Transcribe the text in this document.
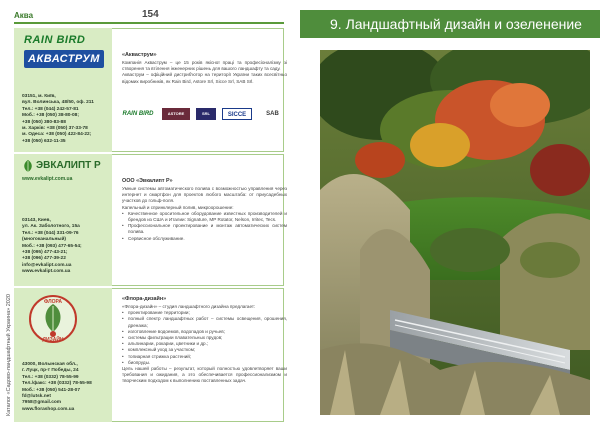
Аква	154
Каталог «Садово-ландшафтный Украина» 2020
RAIN BIRD
АКВАСТРУМ
03151, м. Київ,
вул. Волинська, 48/50, оф. 211
Тел.: +38 (044) 242-57-81
Моб.: +38 (050) 38-80-08;
+38 (050) 380-83-88
м. Харків: +38 (050) 37-33-78
м. Одеса: +38 (050) 422-84-22;
+38 (050) 632-11-35
«Акваструм»

Компанія Акваструм – це 15 років якісної праці та професіоналізму зі створення та втілення інженерних рішень для вашого ландшафту та саду.

Акваструм – офіційний дистриб'ютор на території України таких всесвітньо відомих виробників, як Rain Bird, Astore Srl, Sicce Srl, SAB Srl.

RAIN BIRD	ASTORE	SRL	SICCE	SAB
ЭВКАЛИПТ Р
www.evkalipt.com.ua
03143, Киев,
ул. Ак. Заболотного, 15а
Тел.: +38 (044) 331-09-76
(многоканальный)
Моб.: +38 (093) 477-65-54;
+38 (095) 477-43-21;
+38 (096) 477-39-22
info@evkalipt.com.ua
www.evkalipt.com.ua
ООО «Эвкалипт Р»

Умные системы автоматического полива с возможностью управления через интернет и смартфон для проектов любого масштаба: от приусадебных участков до гольф-поля.

Капельный и спринклерный полив, микроорошение:

• Качественное оросительное оборудование известных производителей и брендов из США и Италии: Signature, MP Rotator, Nelson, Irritec, Tecs.
• Профессиональное проектирование и монтаж автоматических систем полива.
• Сервисное обслуживание.
ФЛОРА
ДИЗАЙН
43000, Волынская обл.,
г. Луцк, пр-т Победы, 24
Тел.: +38 (0332) 78-55-99
Тел./факс: +38 (0332) 78-55-98
Моб.: +38 (050) 541-28-07
fd@lutsk.net
7958@gmail.com
www.florashop.com.ua
«Флора-дизайн»

«Флора-дизайн» – студия ландшафтного дизайна предлагает:

• проектирование территории;
• полный спектр ландшафтных работ – системы освещения, орошения, дренажа;
• изготовление водоемов, водопадов и ручьев;
• системы фильтрации плавательных прудов;
• альпинарии, рокарии, цветники и др.;
• комплексный уход за участком;
• топиарная стрижка растений;
• биопруды.

Цель нашей работы – результат, который полностью удовлетворяет ваши требования и ожидания, а это обеспечивается профессионализмом и творческим подходом к выполнению поставленных задач.

9. Ландшафтный дизайн и озеленение
